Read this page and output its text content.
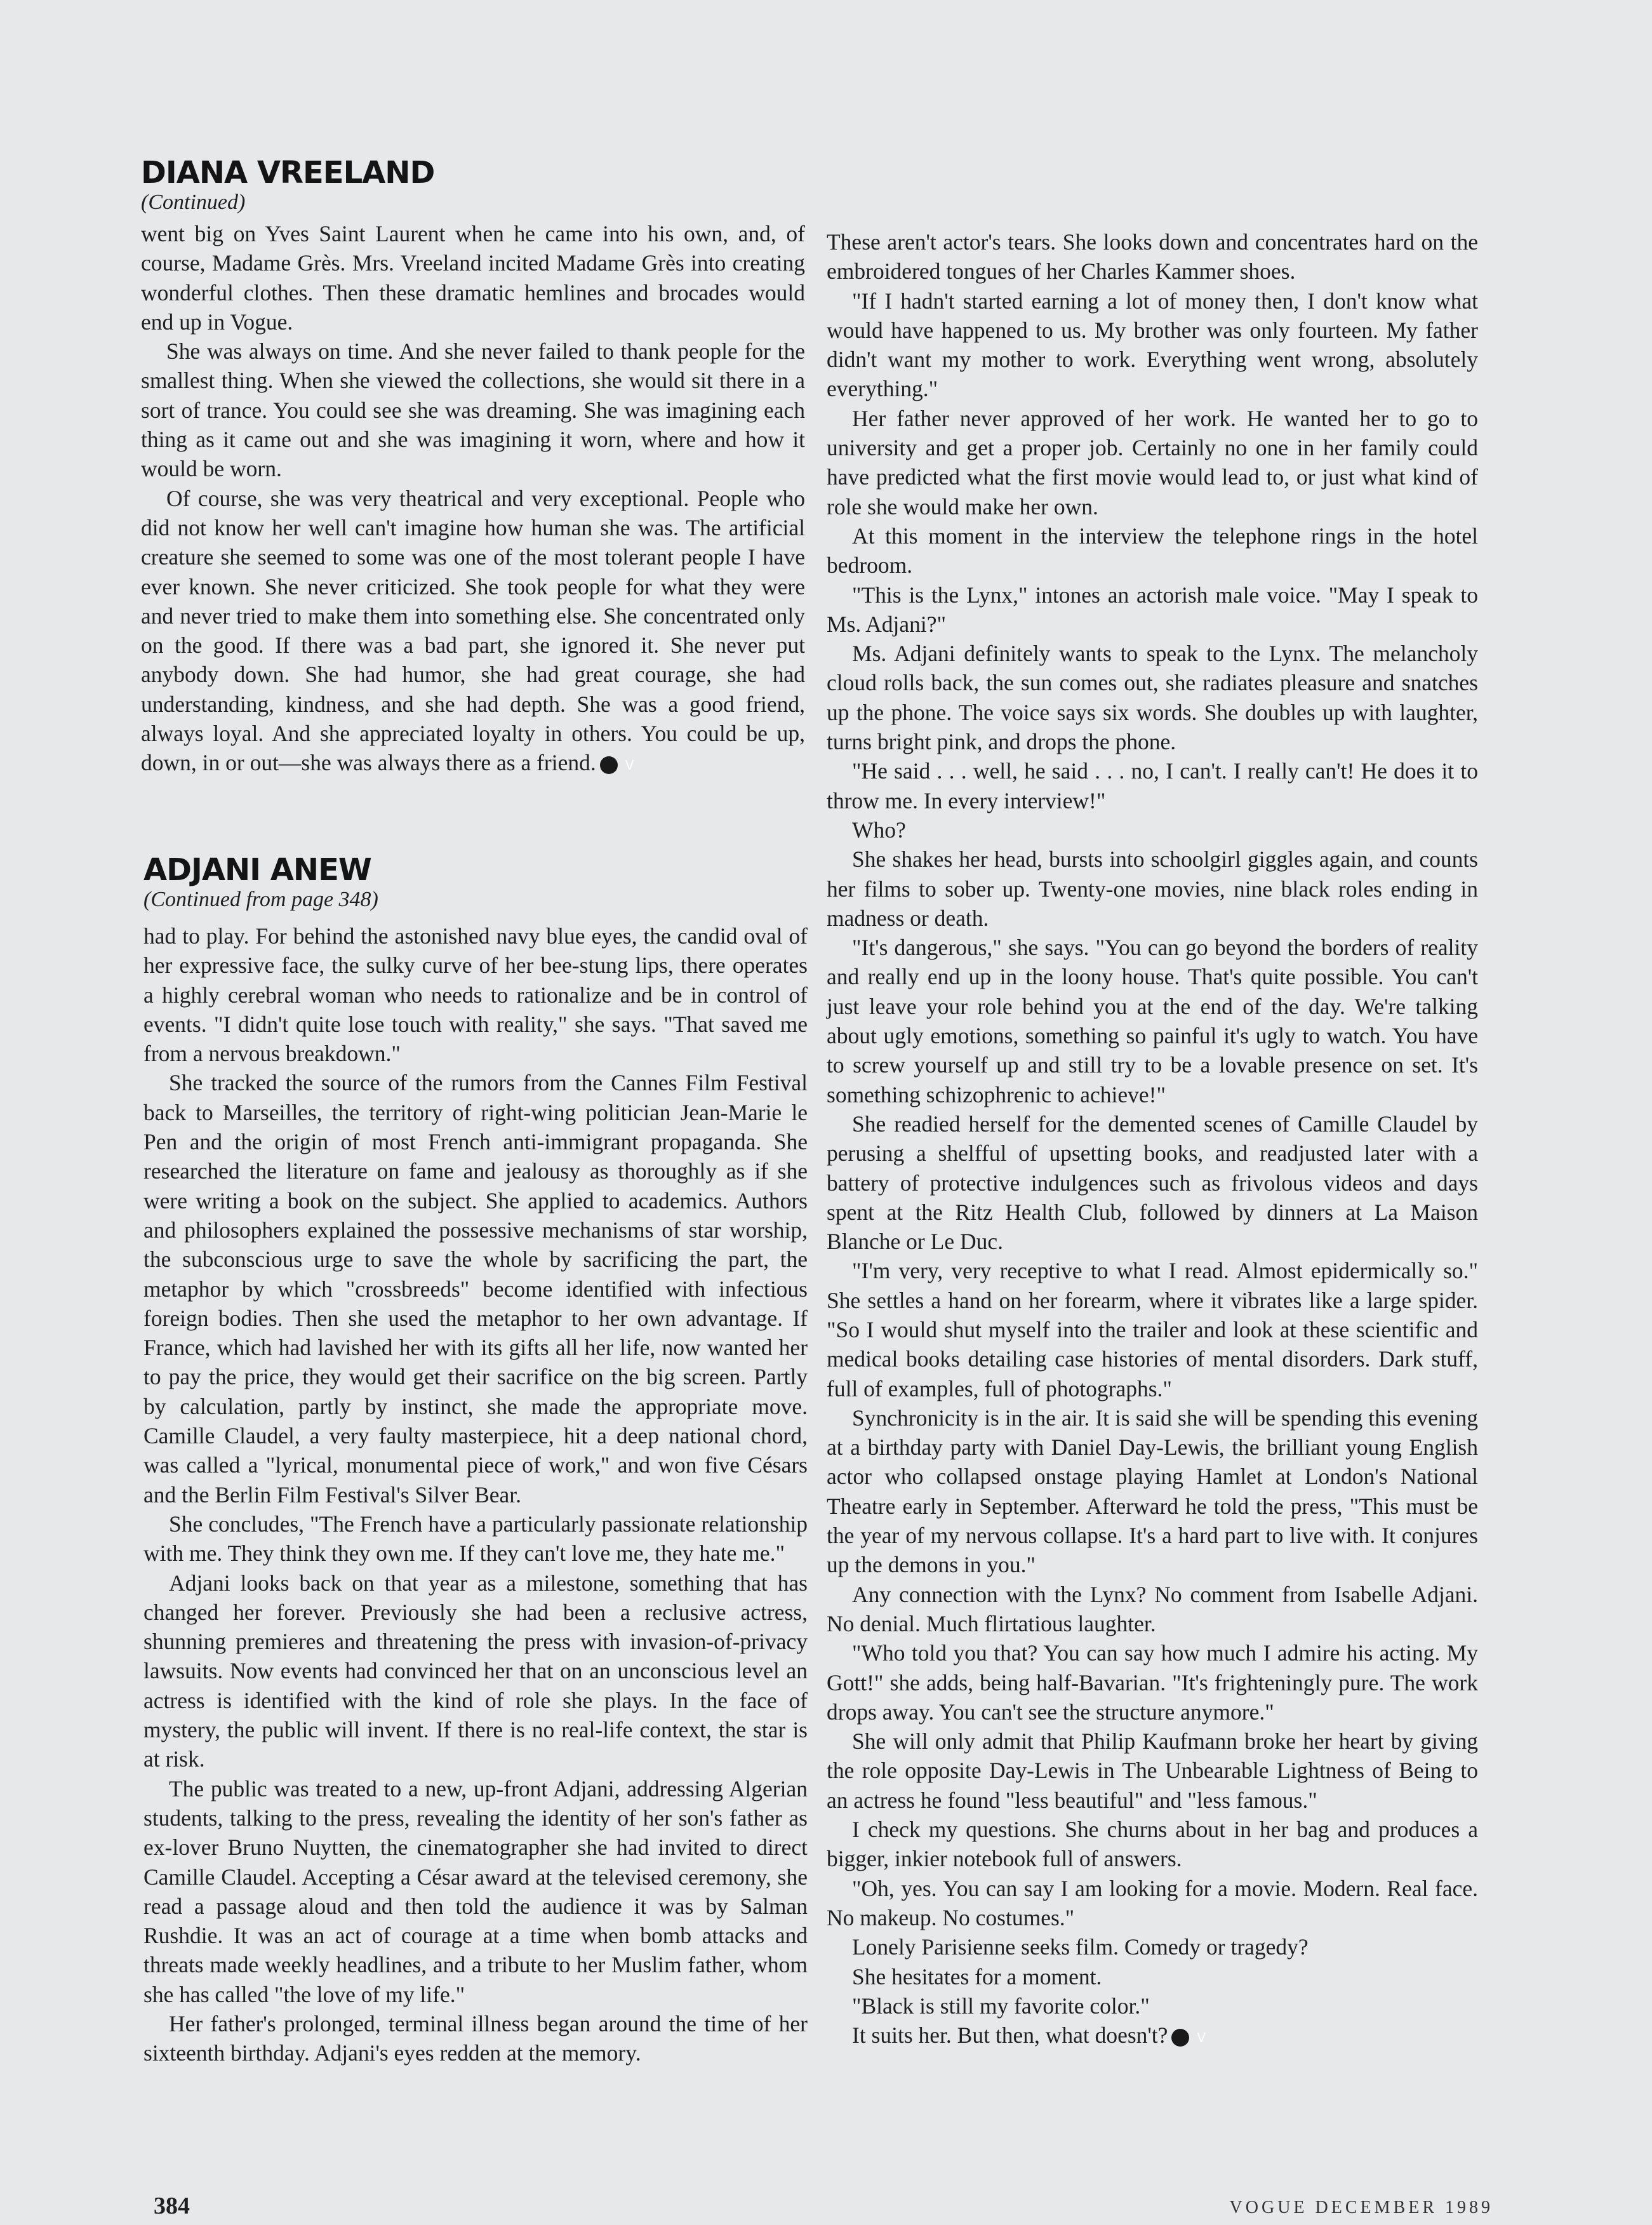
DIANA VREELAND
(Continued)

went big on Yves Saint Laurent when he came into his own, and, of course, Madame Grès. Mrs. Vreeland incited Madame Grès into creating wonderful clothes. Then these dramatic hemlines and brocades would end up in Vogue.

She was always on time. And she never failed to thank people for the smallest thing. When she viewed the collections, she would sit there in a sort of trance. You could see she was dreaming. She was imagining each thing as it came out and she was imagining it worn, where and how it would be worn.

Of course, she was very theatrical and very exceptional. People who did not know her well can't imagine how human she was. The artificial creature she seemed to some was one of the most tolerant people I have ever known. She never criticized. She took people for what they were and never tried to make them into something else. She concentrated only on the good. If there was a bad part, she ignored it. She never put anybody down. She had humor, she had great courage, she had understanding, kindness, and she had depth. She was a good friend, always loyal. And she appreciated loyalty in others. You could be up, down, in or out—she was always there as a friend. V

ADJANI ANEW
(Continued from page 348)

had to play. For behind the astonished navy blue eyes, the candid oval of her expressive face, the sulky curve of her bee-stung lips, there operates a highly cerebral woman who needs to rationalize and be in control of events. "I didn't quite lose touch with reality," she says. "That saved me from a nervous breakdown."

She tracked the source of the rumors from the Cannes Film Festival back to Marseilles, the territory of right-wing politician Jean-Marie le Pen and the origin of most French anti-immigrant propaganda. She researched the literature on fame and jealousy as thoroughly as if she were writing a book on the subject. She applied to academics. Authors and philosophers explained the possessive mechanisms of star worship, the subconscious urge to save the whole by sacrificing the part, the metaphor by which "crossbreeds" become identified with infectious foreign bodies. Then she used the metaphor to her own advantage. If France, which had lavished her with its gifts all her life, now wanted her to pay the price, they would get their sacrifice on the big screen. Partly by calculation, partly by instinct, she made the appropriate move. Camille Claudel, a very faulty masterpiece, hit a deep national chord, was called a "lyrical, monumental piece of work," and won five Césars and the Berlin Film Festival's Silver Bear.

She concludes, "The French have a particularly passionate relationship with me. They think they own me. If they can't love me, they hate me."

Adjani looks back on that year as a milestone, something that has changed her forever. Previously she had been a reclusive actress, shunning premieres and threatening the press with invasion-of-privacy lawsuits. Now events had convinced her that on an unconscious level an actress is identified with the kind of role she plays. In the face of mystery, the public will invent. If there is no real-life context, the star is at risk.

The public was treated to a new, up-front Adjani, addressing Algerian students, talking to the press, revealing the identity of her son's father as ex-lover Bruno Nuytten, the cinematographer she had invited to direct Camille Claudel. Accepting a César award at the televised ceremony, she read a passage aloud and then told the audience it was by Salman Rushdie. It was an act of courage at a time when bomb attacks and threats made weekly headlines, and a tribute to her Muslim father, whom she has called "the love of my life."

Her father's prolonged, terminal illness began around the time of her sixteenth birthday. Adjani's eyes redden at the memory.

These aren't actor's tears. She looks down and concentrates hard on the embroidered tongues of her Charles Kammer shoes.

"If I hadn't started earning a lot of money then, I don't know what would have happened to us. My brother was only fourteen. My father didn't want my mother to work. Everything went wrong, absolutely everything."

Her father never approved of her work. He wanted her to go to university and get a proper job. Certainly no one in her family could have predicted what the first movie would lead to, or just what kind of role she would make her own.

At this moment in the interview the telephone rings in the hotel bedroom.

"This is the Lynx," intones an actorish male voice. "May I speak to Ms. Adjani?"

Ms. Adjani definitely wants to speak to the Lynx. The melancholy cloud rolls back, the sun comes out, she radiates pleasure and snatches up the phone. The voice says six words. She doubles up with laughter, turns bright pink, and drops the phone.

"He said . . . well, he said . . . no, I can't. I really can't! He does it to throw me. In every interview!"

Who?

She shakes her head, bursts into schoolgirl giggles again, and counts her films to sober up. Twenty-one movies, nine black roles ending in madness or death.

"It's dangerous," she says. "You can go beyond the borders of reality and really end up in the loony house. That's quite possible. You can't just leave your role behind you at the end of the day. We're talking about ugly emotions, something so painful it's ugly to watch. You have to screw yourself up and still try to be a lovable presence on set. It's something schizophrenic to achieve!"

She readied herself for the demented scenes of Camille Claudel by perusing a shelfful of upsetting books, and readjusted later with a battery of protective indulgences such as frivolous videos and days spent at the Ritz Health Club, followed by dinners at La Maison Blanche or Le Duc.

"I'm very, very receptive to what I read. Almost epidermically so." She settles a hand on her forearm, where it vibrates like a large spider. "So I would shut myself into the trailer and look at these scientific and medical books detailing case histories of mental disorders. Dark stuff, full of examples, full of photographs."

Synchronicity is in the air. It is said she will be spending this evening at a birthday party with Daniel Day-Lewis, the brilliant young English actor who collapsed onstage playing Hamlet at London's National Theatre early in September. Afterward he told the press, "This must be the year of my nervous collapse. It's a hard part to live with. It conjures up the demons in you."

Any connection with the Lynx? No comment from Isabelle Adjani. No denial. Much flirtatious laughter.

"Who told you that? You can say how much I admire his acting. My Gott!" she adds, being half-Bavarian. "It's frighteningly pure. The work drops away. You can't see the structure anymore."

She will only admit that Philip Kaufmann broke her heart by giving the role opposite Day-Lewis in The Unbearable Lightness of Being to an actress he found "less beautiful" and "less famous."

I check my questions. She churns about in her bag and produces a bigger, inkier notebook full of answers.

"Oh, yes. You can say I am looking for a movie. Modern. Real face. No makeup. No costumes."

Lonely Parisienne seeks film. Comedy or tragedy?

She hesitates for a moment.

"Black is still my favorite color."

It suits her. But then, what doesn't? V

384	VOGUE DECEMBER 1989
